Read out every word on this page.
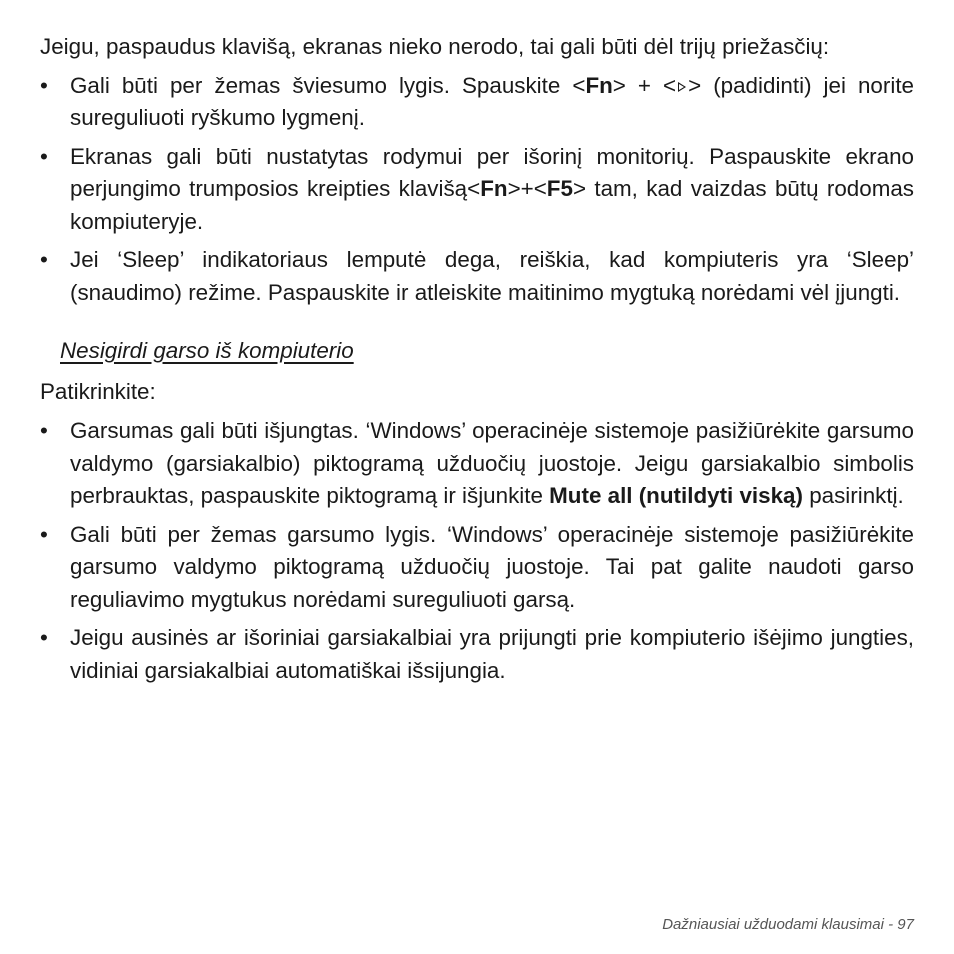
Jeigu, paspaudus klavišą, ekranas nieko nerodo, tai gali būti dėl trijų priežasčių:

• Gali būti per žemas šviesumo lygis. Spauskite <Fn> + < > (padidinti) jei norite sureguliuoti ryškumo lygmenį.
• Ekranas gali būti nustatytas rodymui per išorinį monitorių. Paspauskite ekrano perjungimo trumposios kreipties klavišą<Fn>+<F5> tam, kad vaizdas būtų rodomas kompiuteryje.
• Jei ‘Sleep’ indikatoriaus lemputė dega, reiškia, kad kompiuteris yra ‘Sleep’ (snaudimo) režime. Paspauskite ir atleiskite maitinimo mygtuką norėdami vėl įjungti.

Nesigirdi garso iš kompiuterio

Patikrinkite:

• Garsumas gali būti išjungtas. ‘Windows’ operacinėje sistemoje pasižiūrėkite garsumo valdymo (garsiakalbio) piktogramą užduočių juostoje. Jeigu garsiakalbio simbolis perbrauktas, paspauskite piktogramą ir išjunkite Mute all (nutildyti viską) pasirinktį.
• Gali būti per žemas garsumo lygis. ‘Windows’ operacinėje sistemoje pasižiūrėkite garsumo valdymo piktogramą užduočių juostoje. Tai pat galite naudoti garso reguliavimo mygtukus norėdami sureguliuoti garsą.
• Jeigu ausinės ar išoriniai garsiakalbiai yra prijungti prie kompiuterio išėjimo jungties, vidiniai garsiakalbiai automatiškai išsijungia.
Dažniausiai užduodami klausimai - 97
